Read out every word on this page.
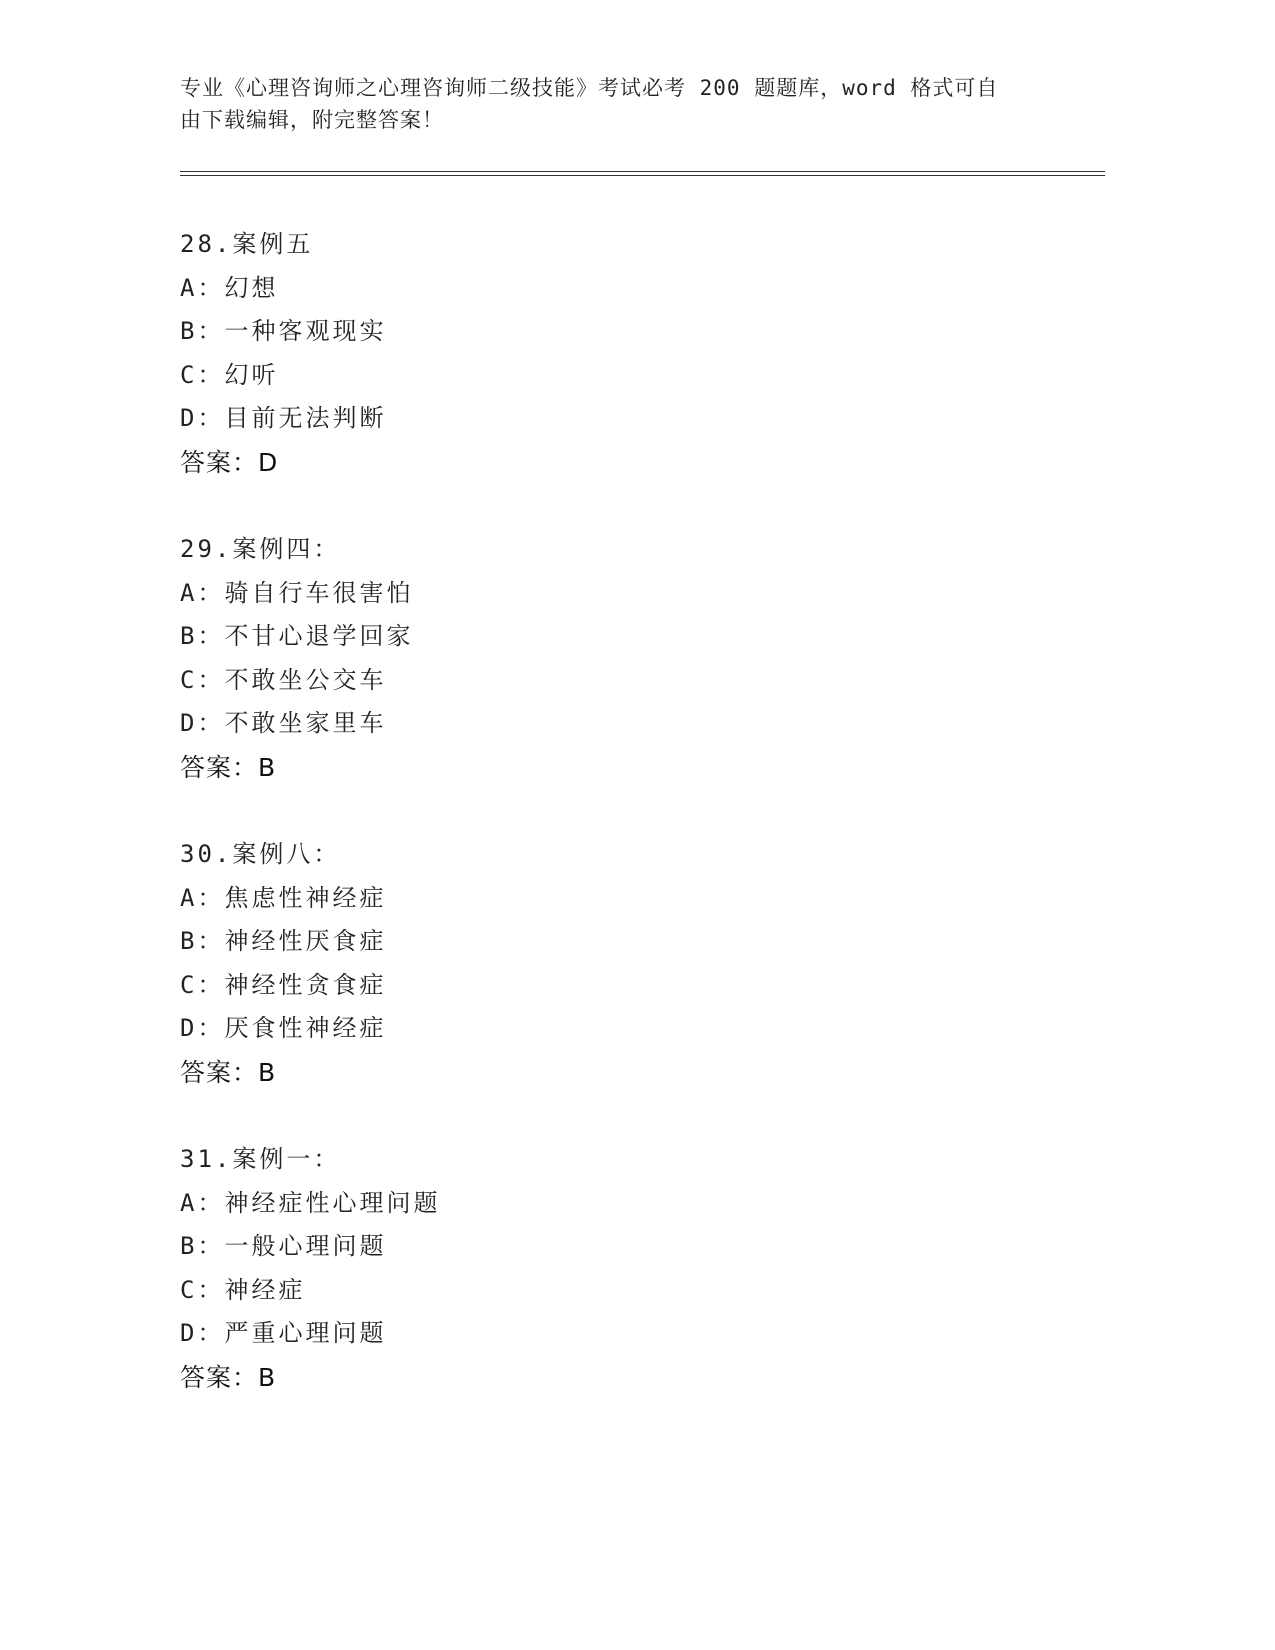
专业《心理咨询师之心理咨询师二级技能》考试必考 200 题题库，word 格式可自
由下载编辑，附完整答案！
28.案例五
A：幻想
B：一种客观现实
C：幻听
D：目前无法判断
答案：D
29.案例四：
A：骑自行车很害怕
B：不甘心退学回家
C：不敢坐公交车
D：不敢坐家里车
答案：B
30.案例八：
A：焦虑性神经症
B：神经性厌食症
C：神经性贪食症
D：厌食性神经症
答案：B
31.案例一：
A：神经症性心理问题
B：一般心理问题
C：神经症
D：严重心理问题
答案：B
